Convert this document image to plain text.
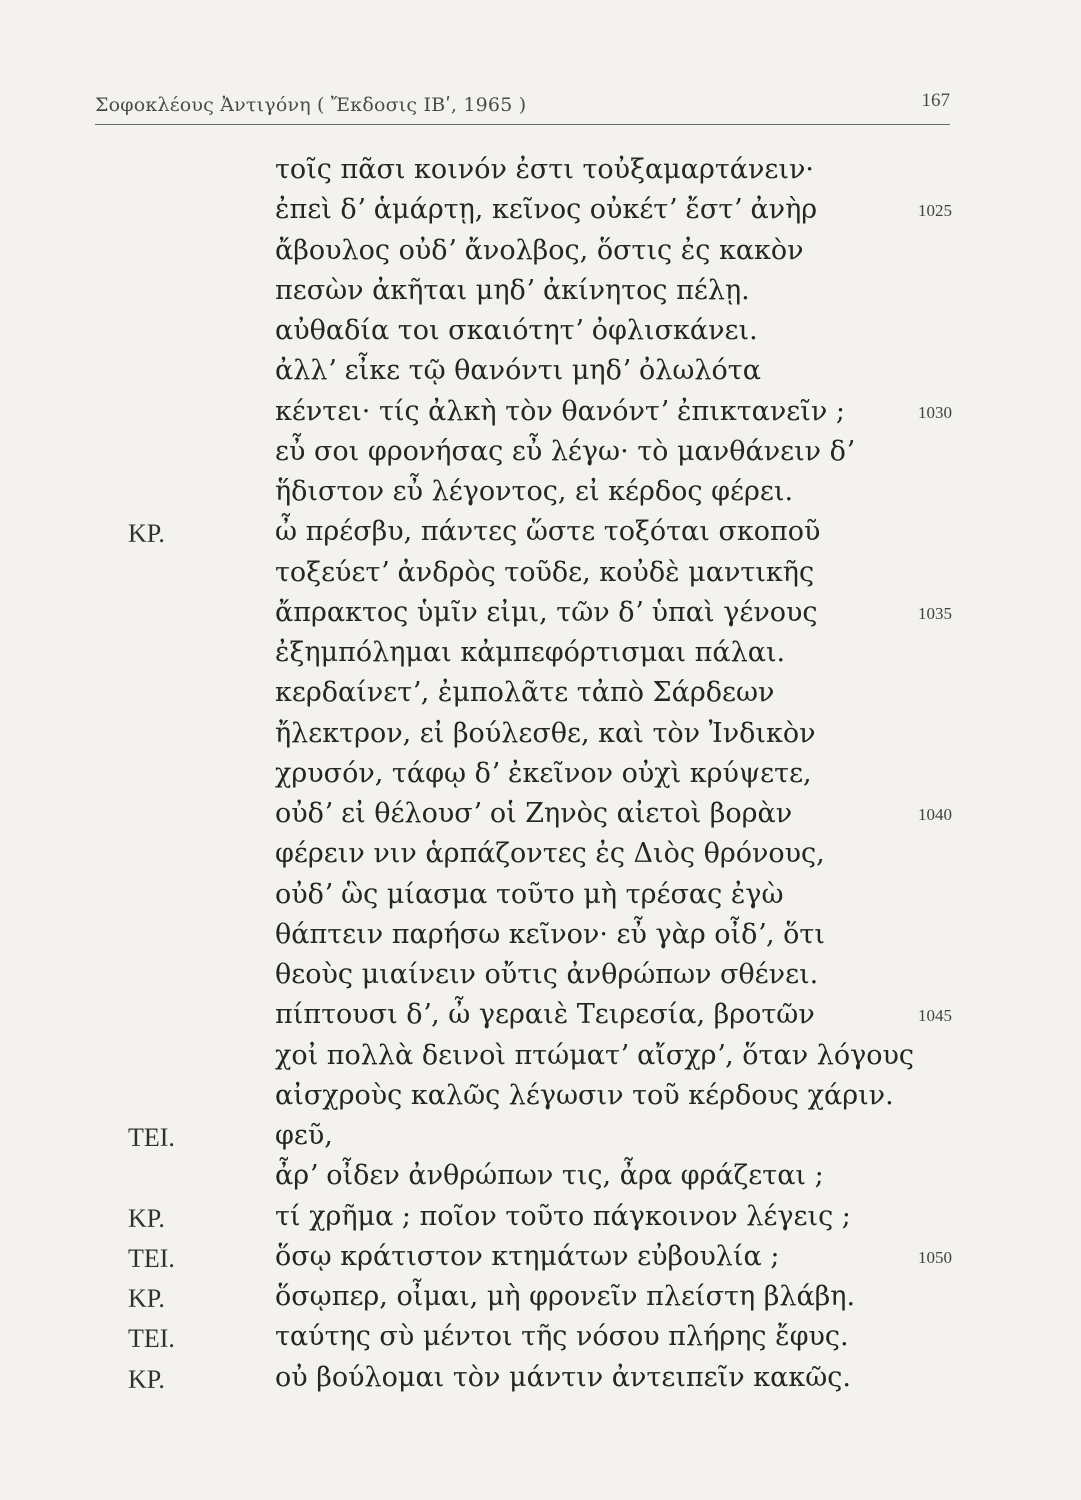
Σοφοκλέους Ἀντιγόνη ( Ἔκδοσις ΙΒʹ, 1965 )	167
τοῖς πᾶσι κοινόν ἐστι τοὐξαμαρτάνειν·
ἐπεὶ δʼ ἁμάρτῃ, κεῖνος οὐκέτʼ ἔστʼ ἀνὴρ	1025
ἄβουλος οὐδʼ ἄνολβος, ὅστις ἐς κακὸν
πεσὼν ἀκῆται μηδʼ ἀκίνητος πέλῃ.
αὐθαδία τοι σκαιότητʼ ὀφλισκάνει.
ἀλλʼ εἶκε τῷ θανόντι μηδʼ ὀλωλότα
κέντει· τίς ἀλκὴ τὸν θανόντʼ ἐπικτανεῖν ;	1030
εὖ σοι φρονήσας εὖ λέγω· τὸ μανθάνειν δʼ
ἥδιστον εὖ λέγοντος, εἰ κέρδος φέρει.
ΚΡ.	ὦ πρέσβυ, πάντες ὥστε τοξόται σκοποῦ
τοξεύετʼ ἀνδρὸς τοῦδε, κοὐδὲ μαντικῆς
ἄπρακτος ὑμῖν εἰμι, τῶν δʼ ὑπαὶ γένους	1035
ἐξημπόλημαι κἀμπεφόρτισμαι πάλαι.
κερδαίνετʼ, ἐμπολᾶτε τἀπὸ Σάρδεων
ἤλεκτρον, εἰ βούλεσθε, καὶ τὸν Ἰνδικὸν
χρυσόν, τάφῳ δʼ ἐκεῖνον οὐχὶ κρύψετε,
οὐδʼ εἰ θέλουσʼ οἱ Ζηνὸς αἰετοὶ βορὰν	1040
φέρειν νιν ἁρπάζοντες ἐς Διὸς θρόνους,
οὐδʼ ὣς μίασμα τοῦτο μὴ τρέσας ἐγὼ
θάπτειν παρήσω κεῖνον· εὖ γὰρ οἶδʼ, ὅτι
θεοὺς μιαίνειν οὔτις ἀνθρώπων σθένει.
πίπτουσι δʼ, ὦ γεραιὲ Τειρεσία, βροτῶν	1045
χοἰ πολλὰ δεινοὶ πτώματʼ αἴσχρʼ, ὅταν λόγους
αἰσχροὺς καλῶς λέγωσιν τοῦ κέρδους χάριν.
ΤΕΙ.	φεῦ,
ἆρʼ οἶδεν ἀνθρώπων τις, ἆρα φράζεται ;
ΚΡ.	τί χρῆμα ; ποῖον τοῦτο πάγκοινον λέγεις ;
ΤΕΙ.	ὅσῳ κράτιστον κτημάτων εὐβουλία ;	1050
ΚΡ.	ὅσῳπερ, οἶμαι, μὴ φρονεῖν πλείστη βλάβη.
ΤΕΙ.	ταύτης σὺ μέντοι τῆς νόσου πλήρης ἔφυς.
ΚΡ.	οὐ βούλομαι τὸν μάντιν ἀντειπεῖν κακῶς.
